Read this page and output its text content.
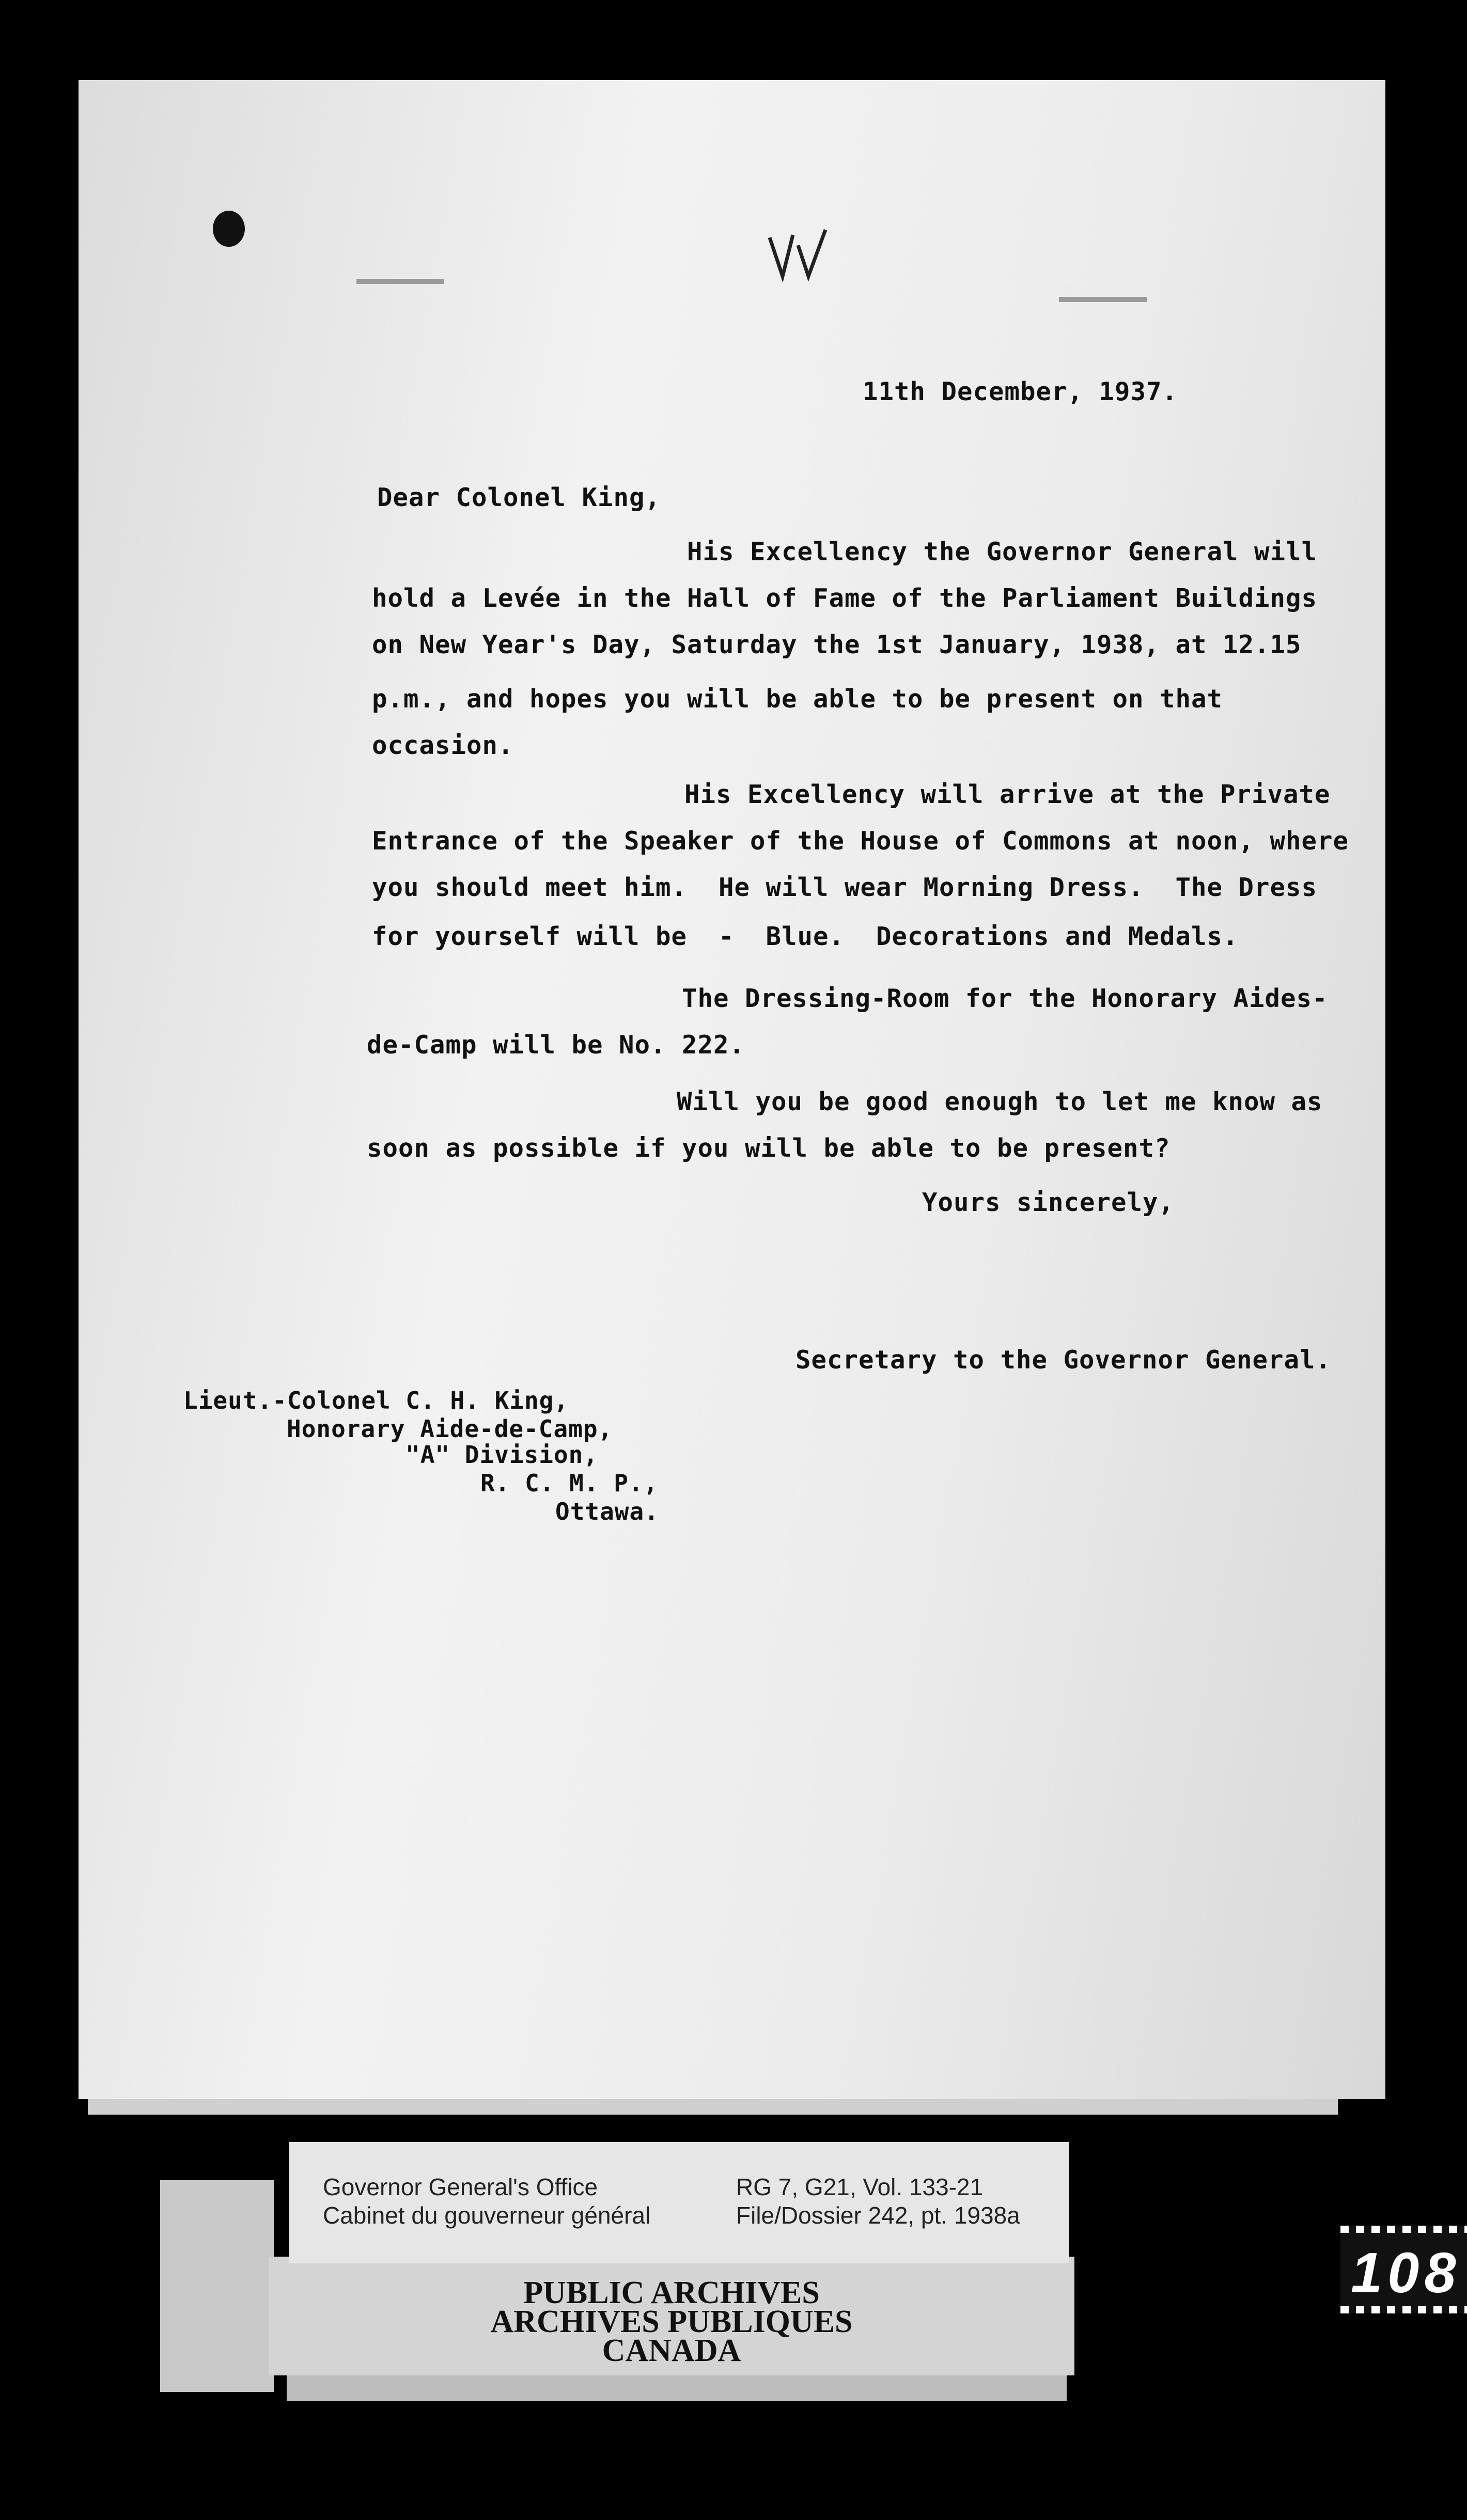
11th December, 1937.
Dear Colonel King,
His Excellency the Governor General will
hold a Levée in the Hall of Fame of the Parliament Buildings
on New Year's Day, Saturday the 1st January, 1938, at 12.15
p.m., and hopes you will be able to be present on that
occasion.
His Excellency will arrive at the Private
Entrance of the Speaker of the House of Commons at noon, where
you should meet him.  He will wear Morning Dress.  The Dress
for yourself will be  -  Blue.  Decorations and Medals.
The Dressing-Room for the Honorary Aides-
de-Camp will be No. 222.
Will you be good enough to let me know as
soon as possible if you will be able to be present?
Yours sincerely,
Secretary to the Governor General.
Lieut.-Colonel C. H. King,
Honorary Aide-de-Camp,
"A" Division,
R. C. M. P.,
Ottawa.
PUBLIC ARCHIVES
ARCHIVES PUBLIQUES
CANADA
Governor General's Office
Cabinet du gouverneur général
RG 7, G21, Vol. 133-21
File/Dossier 242, pt. 1938a
108
